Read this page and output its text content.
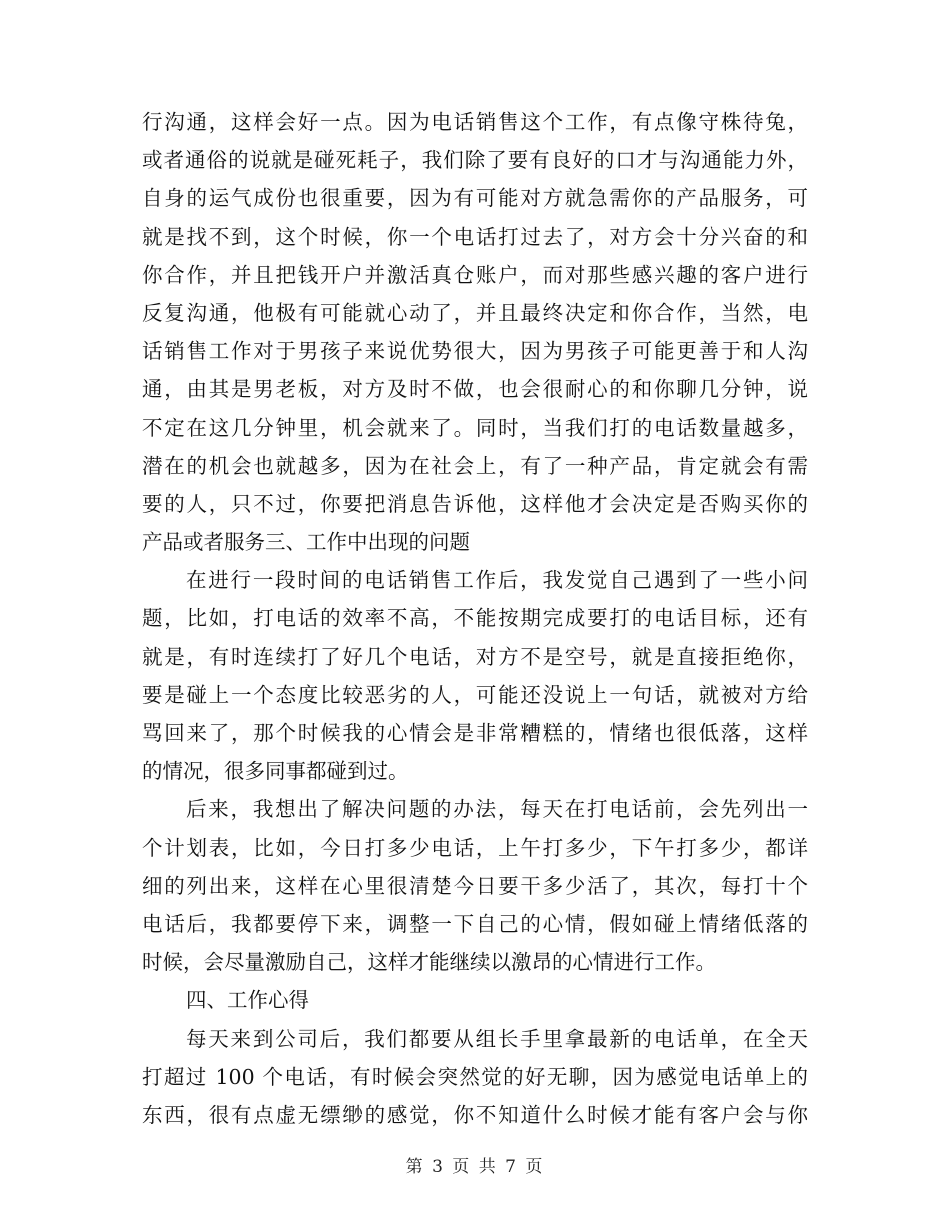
行沟通，这样会好一点。因为电话销售这个工作，有点像守株待兔，
或者通俗的说就是碰死耗子，我们除了要有良好的口才与沟通能力外，
自身的运气成份也很重要，因为有可能对方就急需你的产品服务，可
就是找不到，这个时候，你一个电话打过去了，对方会十分兴奋的和
你合作，并且把钱开户并激活真仓账户，而对那些感兴趣的客户进行
反复沟通，他极有可能就心动了，并且最终决定和你合作，当然，电
话销售工作对于男孩子来说优势很大，因为男孩子可能更善于和人沟
通，由其是男老板，对方及时不做，也会很耐心的和你聊几分钟，说
不定在这几分钟里，机会就来了。同时，当我们打的电话数量越多，
潜在的机会也就越多，因为在社会上，有了一种产品，肯定就会有需
要的人，只不过，你要把消息告诉他，这样他才会决定是否购买你的
产品或者服务三、工作中出现的问题
在进行一段时间的电话销售工作后，我发觉自己遇到了一些小问
题，比如，打电话的效率不高，不能按期完成要打的电话目标，还有
就是，有时连续打了好几个电话，对方不是空号，就是直接拒绝你，
要是碰上一个态度比较恶劣的人，可能还没说上一句话，就被对方给
骂回来了，那个时候我的心情会是非常糟糕的，情绪也很低落，这样
的情况，很多同事都碰到过。
后来，我想出了解决问题的办法，每天在打电话前，会先列出一
个计划表，比如，今日打多少电话，上午打多少，下午打多少，都详
细的列出来，这样在心里很清楚今日要干多少活了，其次，每打十个
电话后，我都要停下来，调整一下自己的心情，假如碰上情绪低落的
时候，会尽量激励自己，这样才能继续以激昂的心情进行工作。
四、工作心得
每天来到公司后，我们都要从组长手里拿最新的电话单，在全天
打超过 100 个电话，有时候会突然觉的好无聊，因为感觉电话单上的
东西，很有点虚无缥缈的感觉，你不知道什么时候才能有客户会与你
第 3 页 共 7 页
